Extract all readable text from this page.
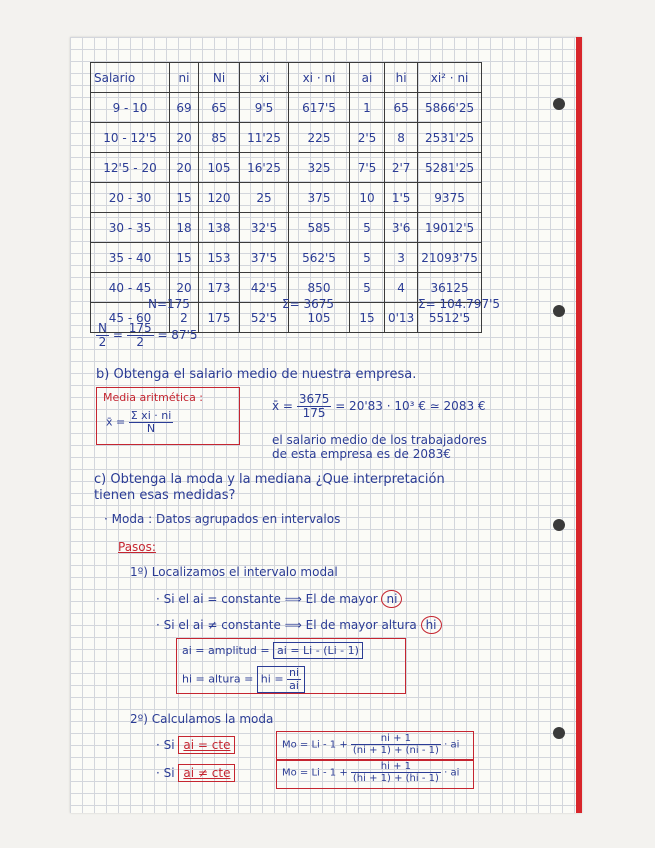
Salario	ni	Ni	xi	xi · ni	ai	hi	xi² · ni
9 - 10	69	65	9'5	617'5	1	65	5866'25
10 - 12'5	20	85	11'25	225	2'5	8	2531'25
12'5 - 20	20	105	16'25	325	7'5	2'7	5281'25
20 - 30	15	120	25	375	10	1'5	9375
30 - 35	18	138	32'5	585	5	3'6	19012'5
35 - 40	15	153	37'5	562'5	5	3	21093'75
40 - 45	20	173	42'5	850	5	4	36125
45 - 60	2	175	52'5	105	15	0'13	5512'5
N=175	Σ= 3675	Σ= 104.797'5
$\frac{N}{2} = \frac{175}{2} = 87'5$
b) Obtenga el salario medio de nuestra empresa.
Media aritmética :
x̄ = $\frac{\text{Σ xi · ni}}{N}$
x̄ = $\frac{3675}{175} = 20'83 \cdot 10^3$ € ≃ 2083 €
el salario medio de los trabajadores
de esta empresa es de 2083€
c) Obtenga la moda y la mediana ¿Que interpretación
tienen esas medidas?
· Moda : Datos agrupados en intervalos
Pasos:
1º) Localizamos el intervalo modal
· Si el ai = constante ⟹ El de mayor ni
· Si el ai ≠ constante ⟹ El de mayor altura hi
ai = amplitud = ai = Li - (Li - 1)
hi = altura = hi = $\frac{ni}{ai}$
2º) Calculamos la moda
· Si ai = cte	$Mo = Li - 1 + \frac{ni + 1}{(ni + 1) + (ni - 1)}$ · ai
· Si ai ≠ cte	$Mo = Li - 1 + \frac{hi + 1}{(hi + 1) + (hi - 1)}$ · ai
